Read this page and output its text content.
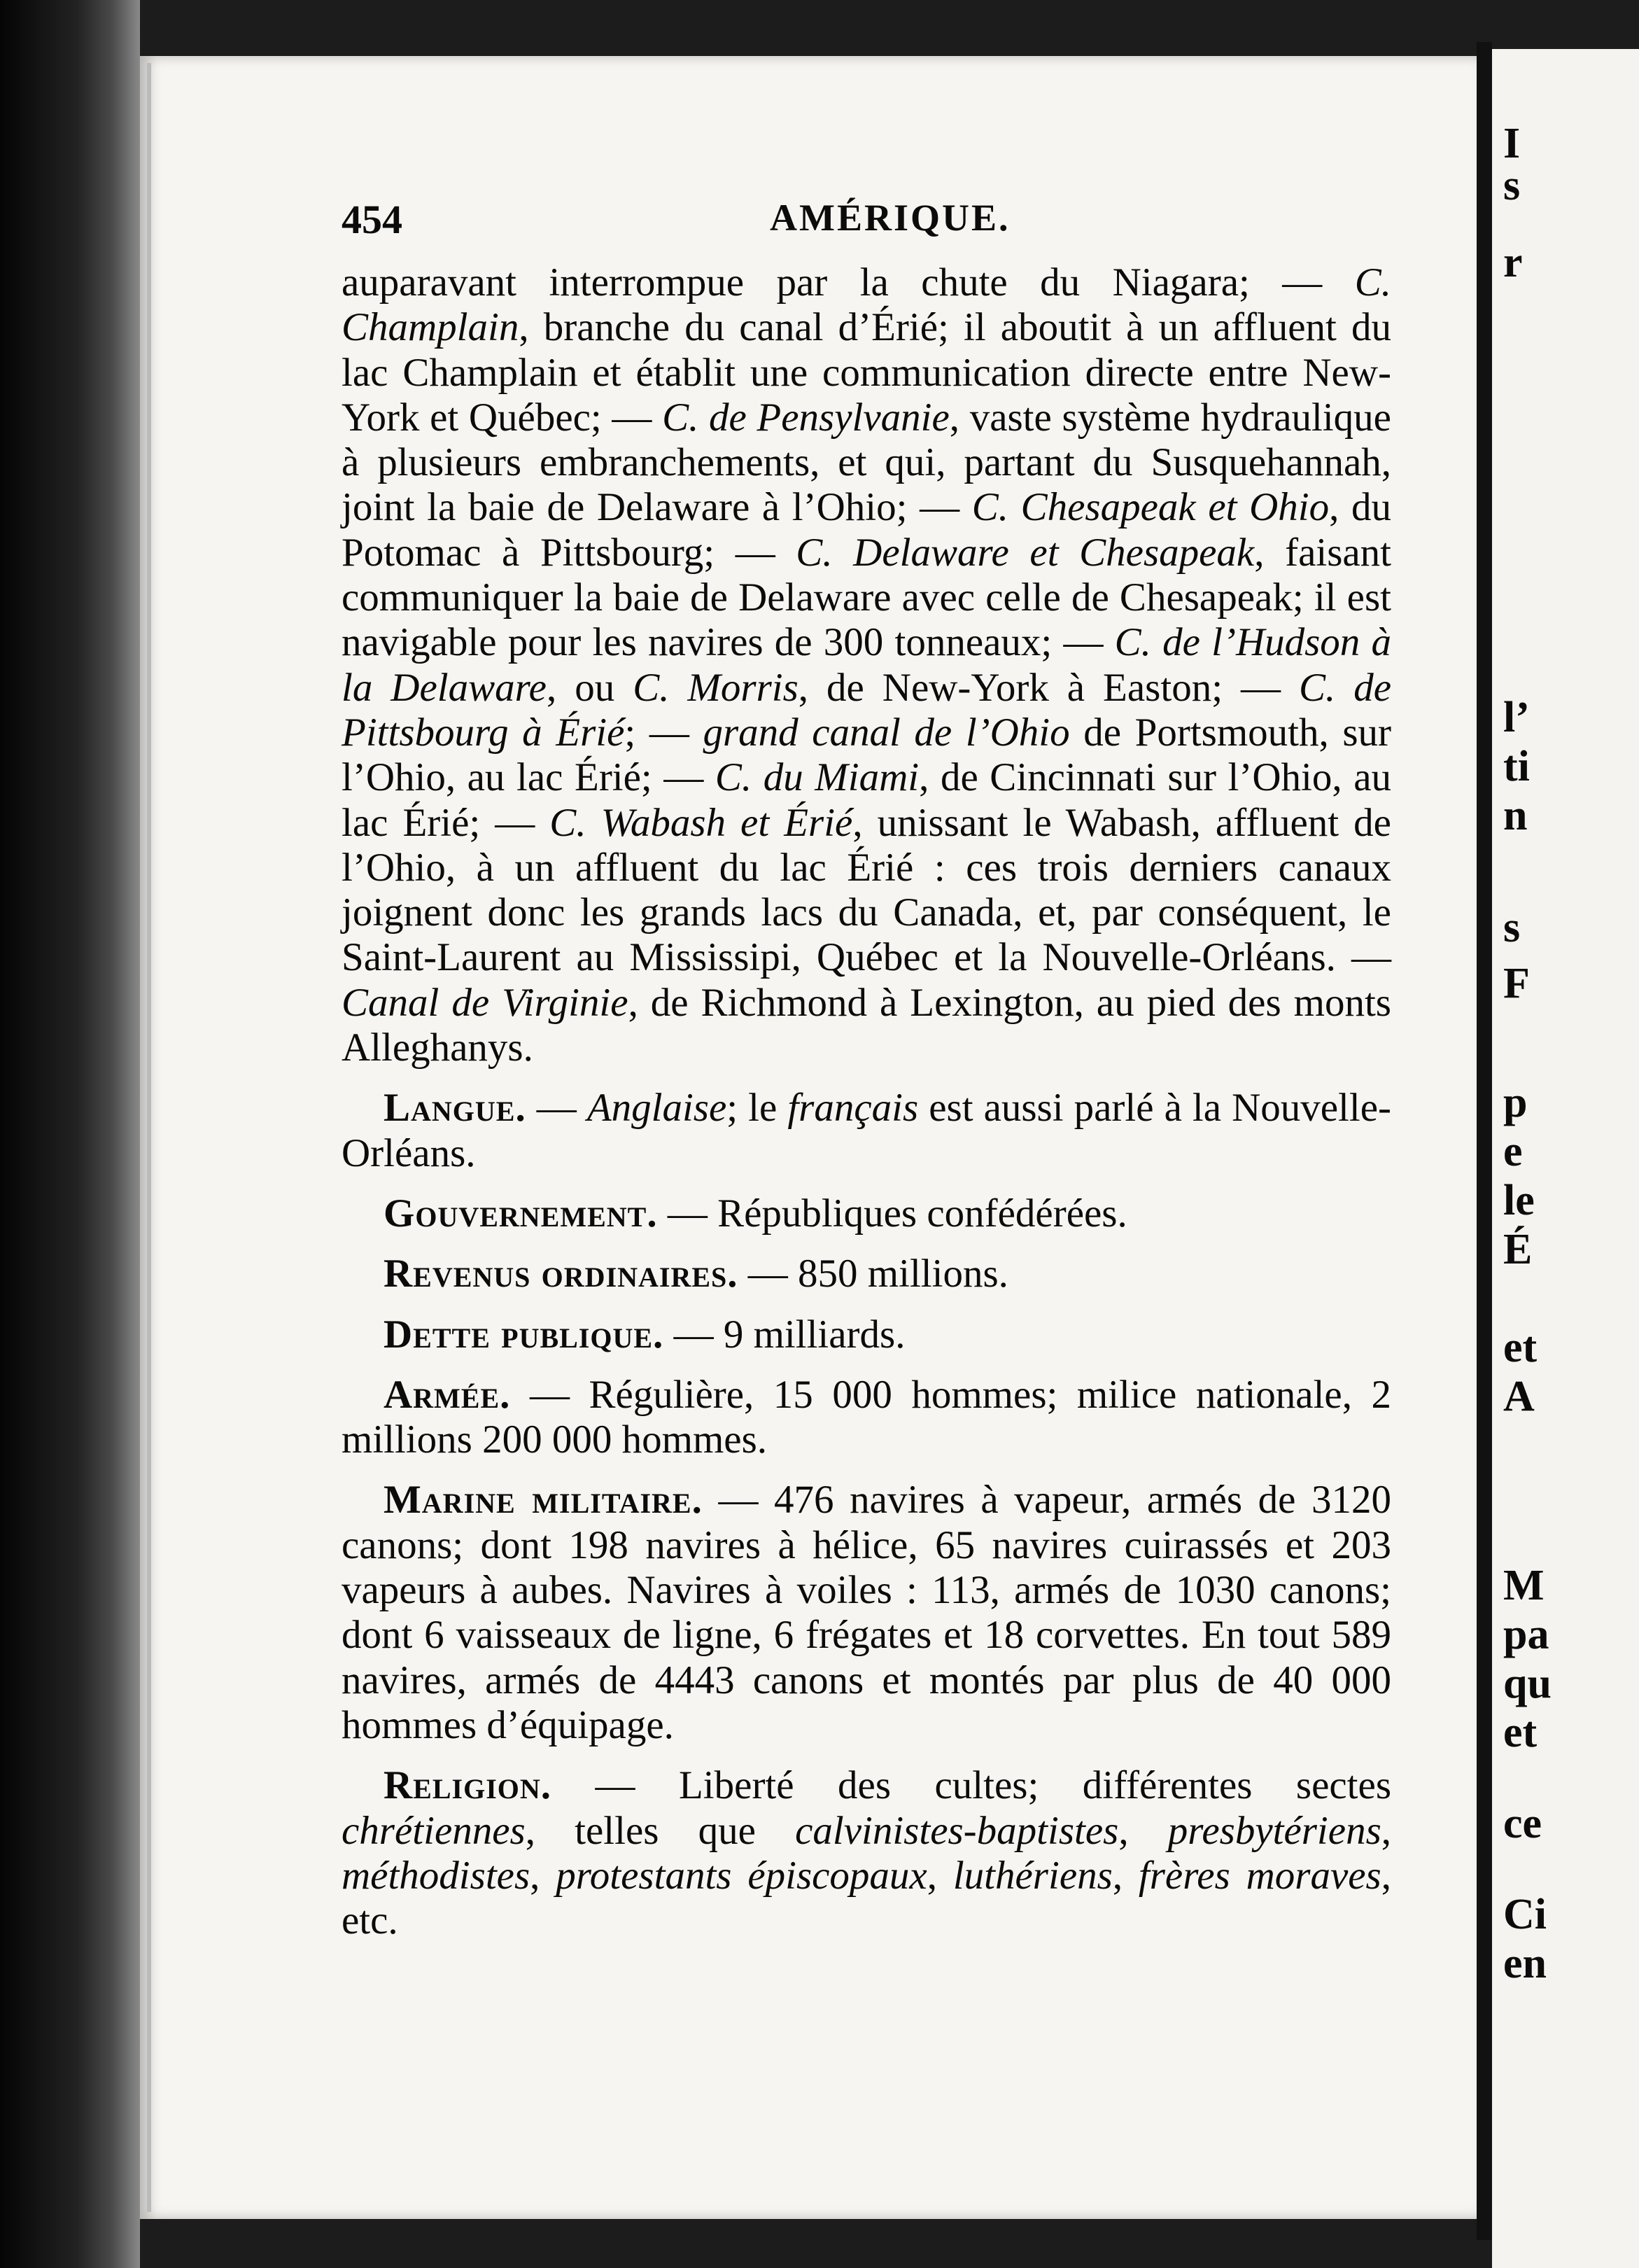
I
s
r
l’
ti
n
s
F
p
e
le
É
et
A
M
pa
qu
et
ce
Ci
en
454	AMÉRIQUE.

auparavant interrompue par la chute du Niagara; — C. Champlain, branche du canal d’Érié; il aboutit à un affluent du lac Champlain et établit une communication directe entre New-York et Québec; — C. de Pensylvanie, vaste système hydraulique à plusieurs embranchements, et qui, partant du Susquehannah, joint la baie de Delaware à l’Ohio; — C. Chesapeak et Ohio, du Potomac à Pittsbourg; — C. Delaware et Chesapeak, faisant communiquer la baie de Delaware avec celle de Chesapeak; il est navigable pour les navires de 300 tonneaux; — C. de l’Hudson à la Delaware, ou C. Morris, de New-York à Easton; — C. de Pittsbourg à Érié; — grand canal de l’Ohio de Portsmouth, sur l’Ohio, au lac Érié; — C. du Miami, de Cincinnati sur l’Ohio, au lac Érié; — C. Wabash et Érié, unissant le Wabash, affluent de l’Ohio, à un affluent du lac Érié : ces trois derniers canaux joignent donc les grands lacs du Canada, et, par conséquent, le Saint-Laurent au Mississipi, Québec et la Nouvelle-Orléans. — Canal de Virginie, de Richmond à Lexington, au pied des monts Alleghanys.

Langue. — Anglaise; le français est aussi parlé à la Nouvelle-Orléans.

Gouvernement. — Républiques confédérées.

Revenus ordinaires. — 850 millions.

Dette publique. — 9 milliards.

Armée. — Régulière, 15 000 hommes; milice nationale, 2 millions 200 000 hommes.

Marine militaire. — 476 navires à vapeur, armés de 3120 canons; dont 198 navires à hélice, 65 navires cuirassés et 203 vapeurs à aubes. Navires à voiles : 113, armés de 1030 canons; dont 6 vaisseaux de ligne, 6 frégates et 18 corvettes. En tout 589 navires, armés de 4443 canons et montés par plus de 40 000 hommes d’équipage.

Religion. — Liberté des cultes; différentes sectes chrétiennes, telles que calvinistes-baptistes, presbytériens, méthodistes, protestants épiscopaux, luthériens, frères moraves, etc.
